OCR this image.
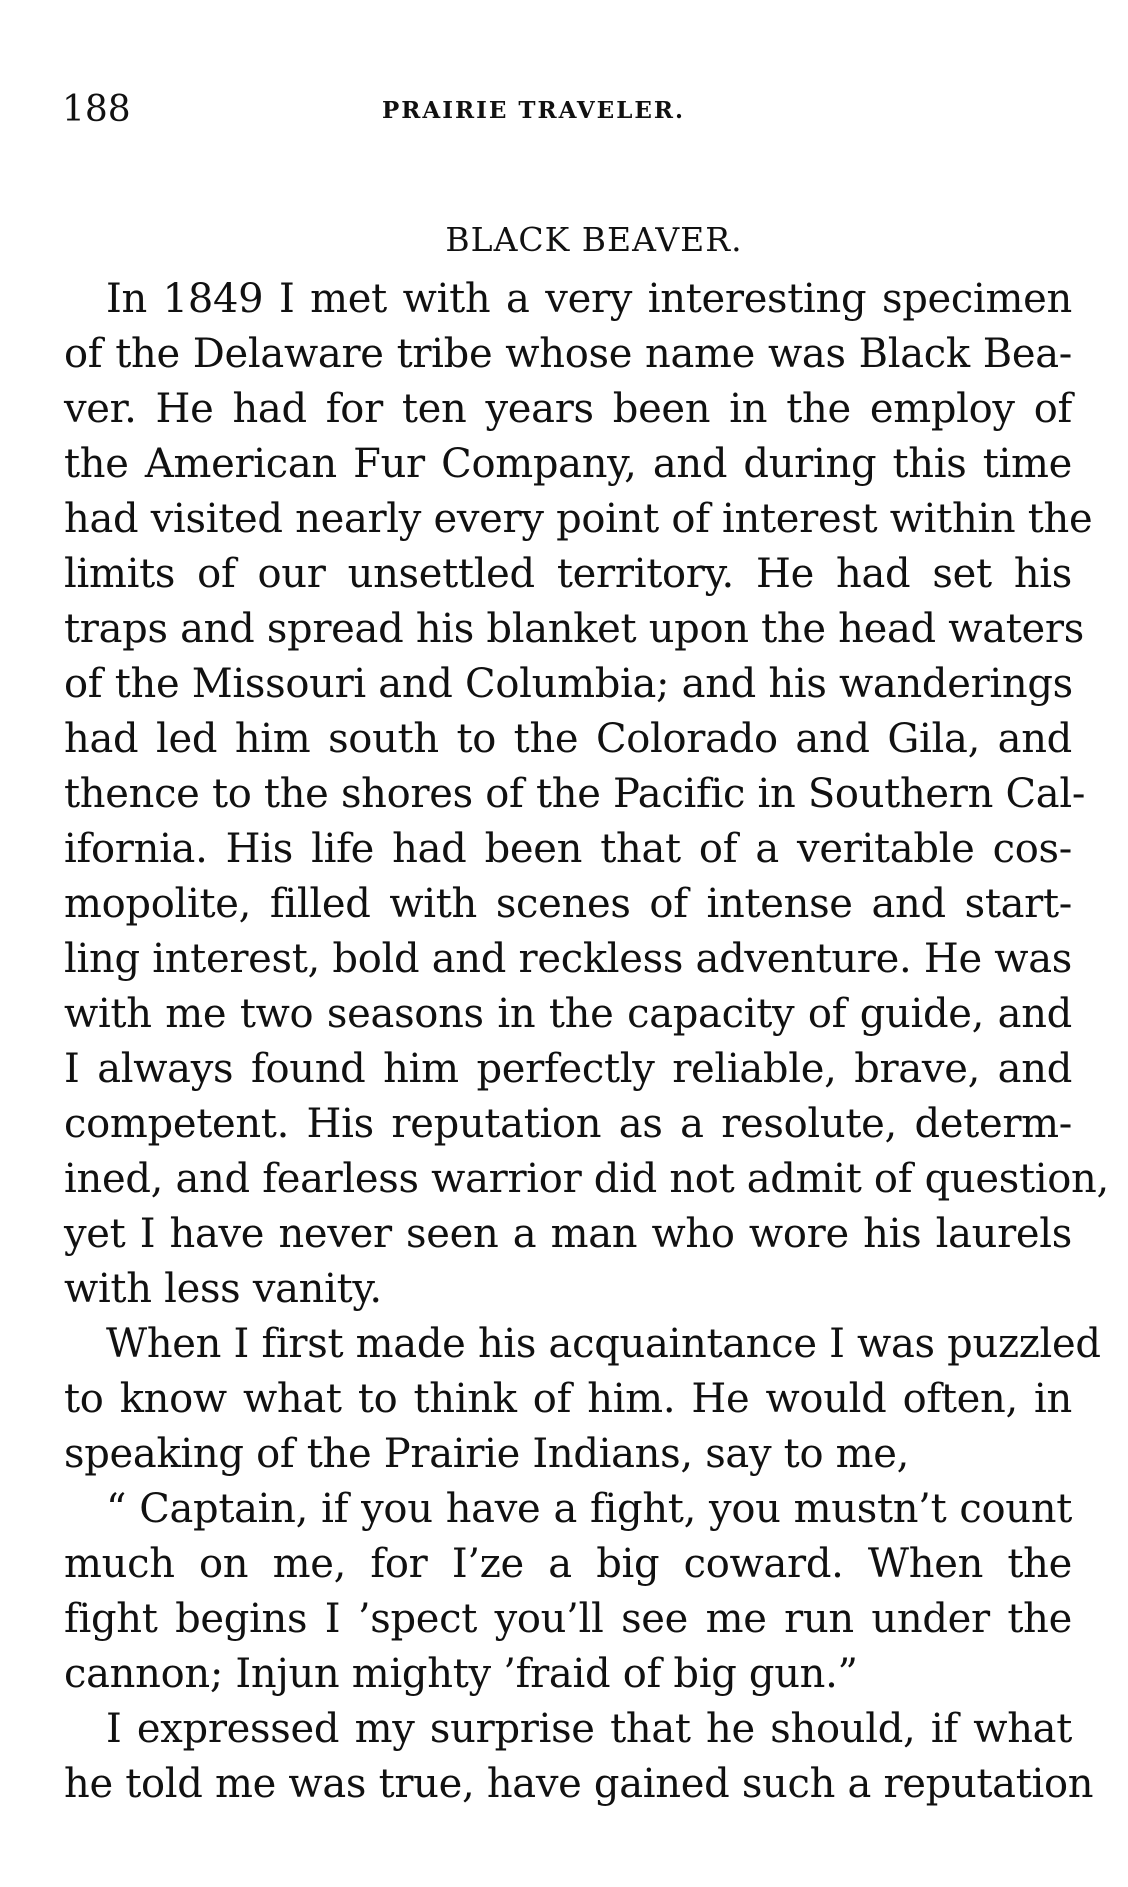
188	PRAIRIE TRAVELER.
BLACK BEAVER.
In 1849 I met with a very interesting specimen
of the Delaware tribe whose name was Black Bea-
ver. He had for ten years been in the employ of
the American Fur Company, and during this time
had visited nearly every point of interest within the
limits of our unsettled territory. He had set his
traps and spread his blanket upon the head waters
of the Missouri and Columbia; and his wanderings
had led him south to the Colorado and Gila, and
thence to the shores of the Pacific in Southern Cal-
ifornia. His life had been that of a veritable cos-
mopolite, filled with scenes of intense and start-
ling interest, bold and reckless adventure. He was
with me two seasons in the capacity of guide, and
I always found him perfectly reliable, brave, and
competent. His reputation as a resolute, determ-
ined, and fearless warrior did not admit of question,
yet I have never seen a man who wore his laurels
with less vanity.
When I first made his acquaintance I was puzzled
to know what to think of him. He would often, in
speaking of the Prairie Indians, say to me,
“ Captain, if you have a fight, you mustn’t count
much on me, for I’ze a big coward. When the
fight begins I ’spect you’ll see me run under the
cannon; Injun mighty ’fraid of big gun.”
I expressed my surprise that he should, if what
he told me was true, have gained such a reputation
